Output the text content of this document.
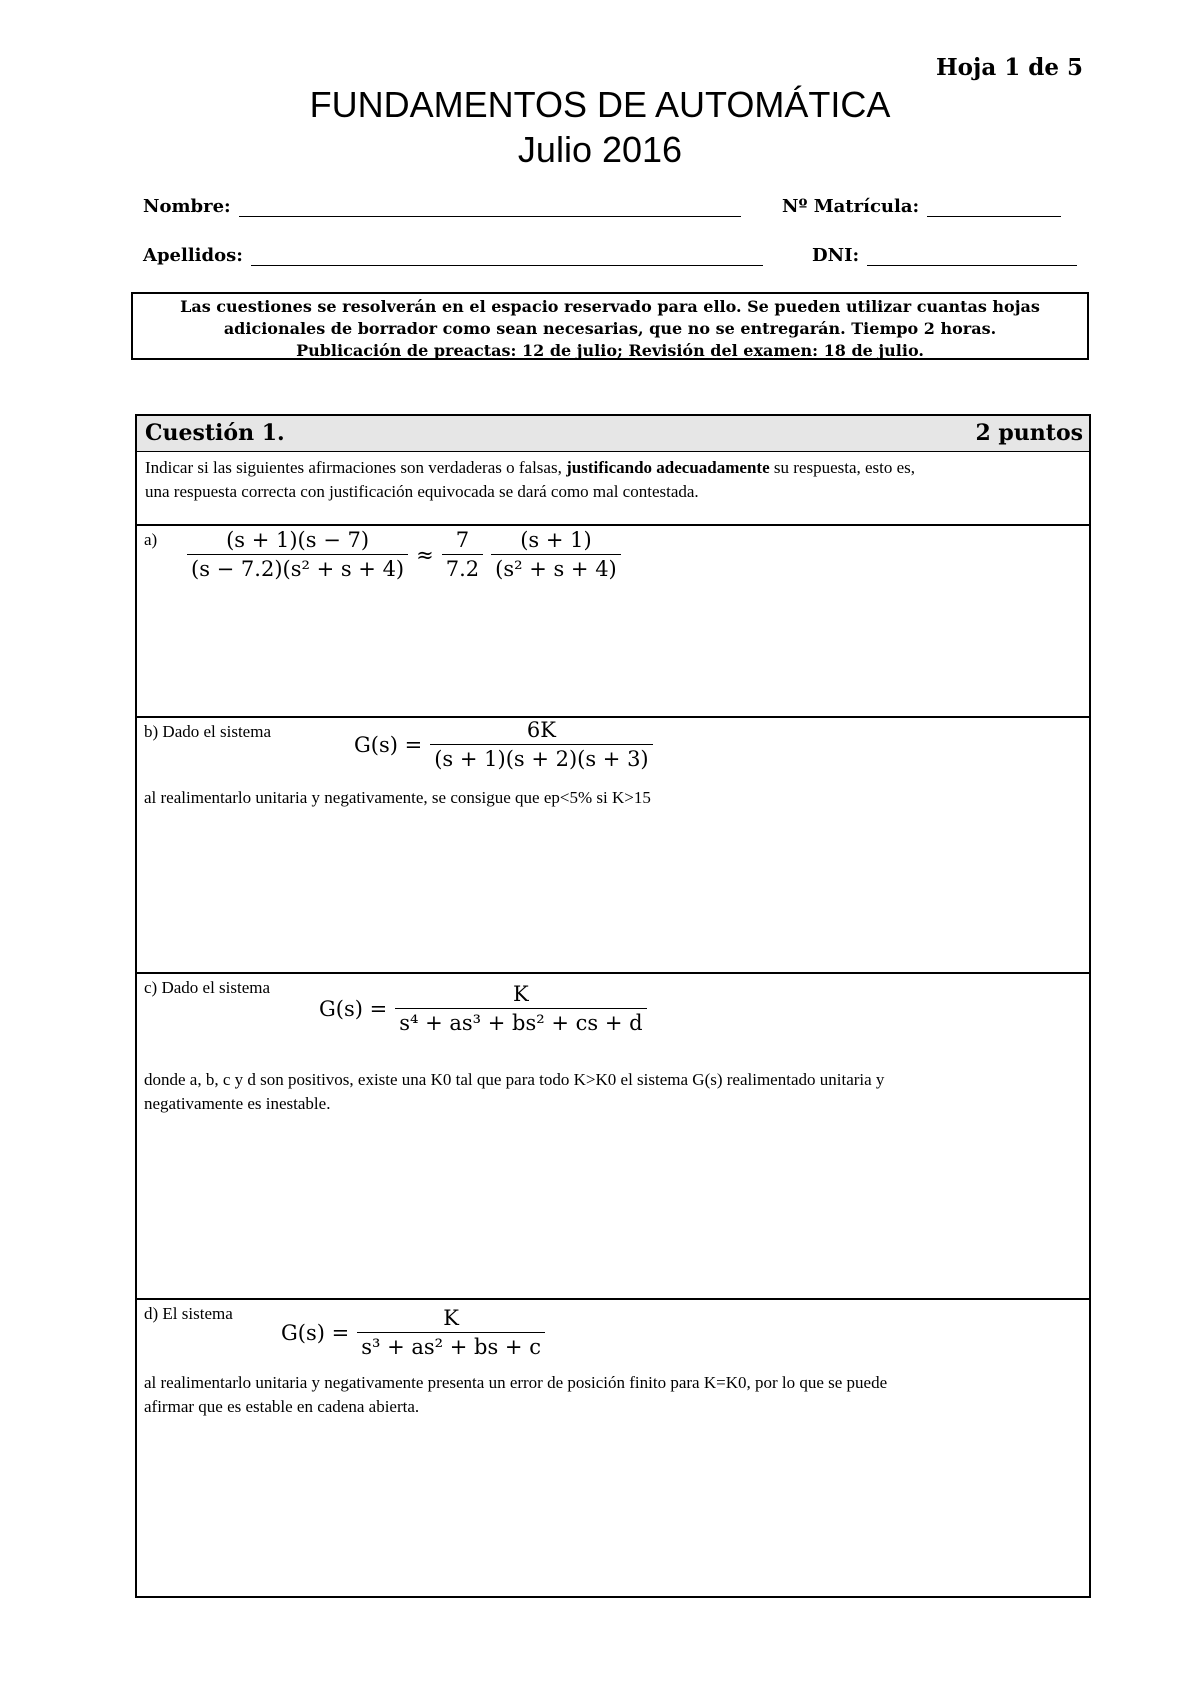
Hoja 1 de 5
FUNDAMENTOS DE AUTOMÁTICA
Julio 2016
Nombre:	Nº Matrícula:
Apellidos:	DNI:
Las cuestiones se resolverán en el espacio reservado para ello. Se pueden utilizar cuantas hojas
adicionales de borrador como sean necesarias, que no se entregarán. Tiempo 2 horas.
Publicación de preactas: 12 de julio; Revisión del examen: 18 de julio.
Cuestión 1.	2 puntos
Indicar si las siguientes afirmaciones son verdaderas o falsas, justificando adecuadamente su respuesta, esto es,
una respuesta correcta con justificación equivocada se dará como mal contestada.
$a) \frac{(s + 1)(s - 7)}{\text{(s − 7.2)(s² + s + 4)}} \approx \frac{7}{7.2} \frac{(s + 1)}{\text{(s² + s + 4)}}$
b) Dado el sistema
$G(s) = \frac{6K}{(s + 1)(s + 2)(s + 3)}$
al realimentarlo unitaria y negativamente, se consigue que ep<5% si K>15
c) Dado el sistema
$G(s) = \frac{K}{\text{s⁴ + as³ + bs² + cs + d}}$
donde a, b, c y d son positivos, existe una K0 tal que para todo K>K0 el sistema G(s) realimentado unitaria y
negativamente es inestable.
d) El sistema
$G(s) = \frac{K}{\text{s³ + as² + bs + c}}$
al realimentarlo unitaria y negativamente presenta un error de posición finito para K=K0, por lo que se puede
afirmar que es estable en cadena abierta.
